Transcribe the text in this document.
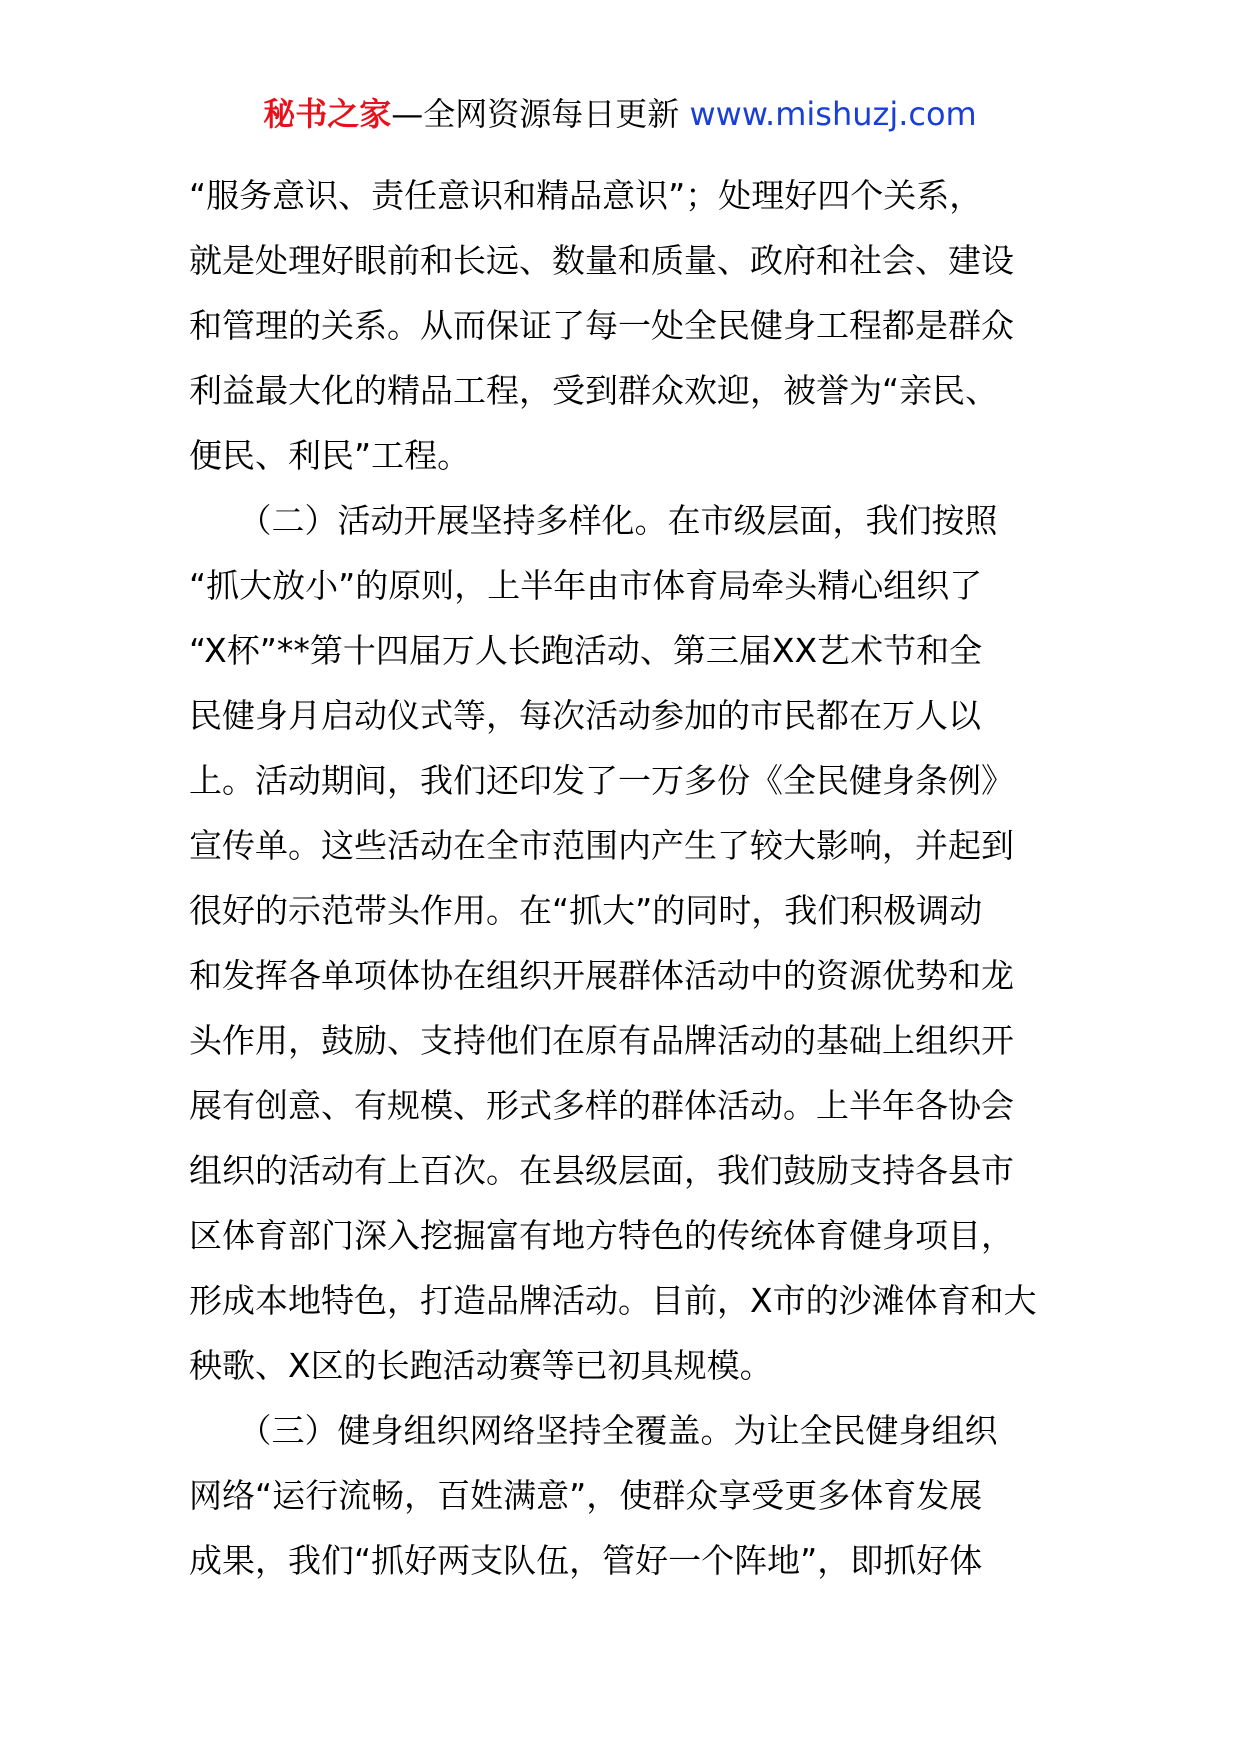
秘书之家—全网资源每日更新 www.mishuzj.com
“服务意识、责任意识和精品意识”；处理好四个关系，
就是处理好眼前和长远、数量和质量、政府和社会、建设
和管理的关系。从而保证了每一处全民健身工程都是群众
利益最大化的精品工程，受到群众欢迎，被誉为“亲民、
便民、利民”工程。
　　（二）活动开展坚持多样化。在市级层面，我们按照
“抓大放小”的原则，上半年由市体育局牵头精心组织了
“X杯”**第十四届万人长跑活动、第三届XX艺术节和全
民健身月启动仪式等，每次活动参加的市民都在万人以
上。活动期间，我们还印发了一万多份《全民健身条例》
宣传单。这些活动在全市范围内产生了较大影响，并起到
很好的示范带头作用。在“抓大”的同时，我们积极调动
和发挥各单项体协在组织开展群体活动中的资源优势和龙
头作用，鼓励、支持他们在原有品牌活动的基础上组织开
展有创意、有规模、形式多样的群体活动。上半年各协会
组织的活动有上百次。在县级层面，我们鼓励支持各县市
区体育部门深入挖掘富有地方特色的传统体育健身项目，
形成本地特色，打造品牌活动。目前，X市的沙滩体育和大
秧歌、X区的长跑活动赛等已初具规模。
　　（三）健身组织网络坚持全覆盖。为让全民健身组织
网络“运行流畅，百姓满意”，使群众享受更多体育发展
成果，我们“抓好两支队伍，管好一个阵地”，即抓好体
